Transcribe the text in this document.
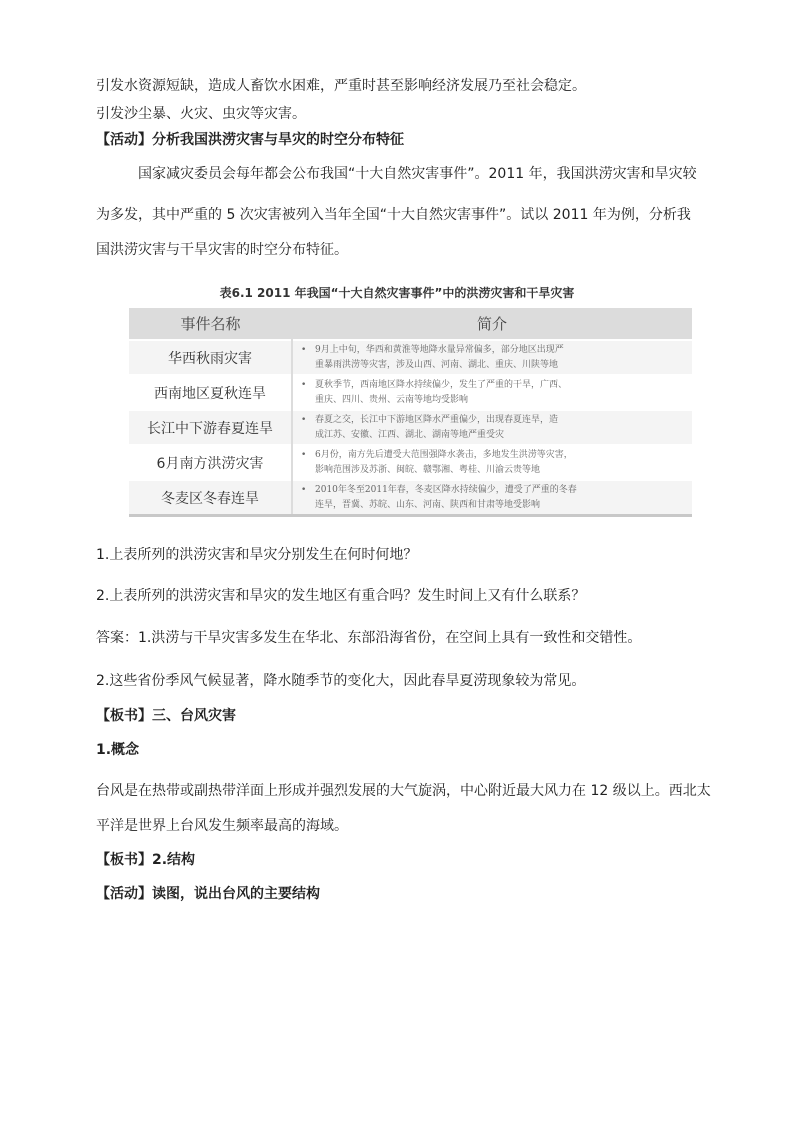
引发水资源短缺，造成人畜饮水困难，严重时甚至影响经济发展乃至社会稳定。
引发沙尘暴、火灾、虫灾等灾害。
【活动】分析我国洪涝灾害与旱灾的时空分布特征
国家减灾委员会每年都会公布我国“十大自然灾害事件”。2011 年，我国洪涝灾害和旱灾较
为多发，其中严重的 5 次灾害被列入当年全国“十大自然灾害事件”。试以 2011 年为例，分析我
国洪涝灾害与干旱灾害的时空分布特征。
表6.1 2011 年我国“十大自然灾害事件”中的洪涝灾害和干旱灾害
事件名称	简介
华西秋雨灾害	• 9月上中旬，华西和黄淮等地降水量异常偏多，部分地区出现严
重暴雨洪涝等灾害，涉及山西、河南、湖北、重庆、川陕等地
西南地区夏秋连旱	• 夏秋季节，西南地区降水持续偏少，发生了严重的干旱，广西、
重庆、四川、贵州、云南等地均受影响
长江中下游春夏连旱	• 春夏之交，长江中下游地区降水严重偏少，出现春夏连旱，造
成江苏、安徽、江西、湖北、湖南等地严重受灾
6月南方洪涝灾害	• 6月份，南方先后遭受大范围强降水袭击，多地发生洪涝等灾害，
影响范围涉及苏浙、闽皖、赣鄂湘、粤桂、川渝云贵等地
冬麦区冬春连旱	• 2010年冬至2011年春，冬麦区降水持续偏少，遭受了严重的冬春
连旱，晋冀、苏皖、山东、河南、陕西和甘肃等地受影响
1.上表所列的洪涝灾害和旱灾分别发生在何时何地？
2.上表所列的洪涝灾害和旱灾的发生地区有重合吗？发生时间上又有什么联系？
答案：1.洪涝与干旱灾害多发生在华北、东部沿海省份，在空间上具有一致性和交错性。
2.这些省份季风气候显著，降水随季节的变化大，因此春旱夏涝现象较为常见。
【板书】三、台风灾害
1.概念
台风是在热带或副热带洋面上形成并强烈发展的大气旋涡，中心附近最大风力在 12 级以上。西北太
平洋是世界上台风发生频率最高的海域。
【板书】2.结构
【活动】读图，说出台风的主要结构
